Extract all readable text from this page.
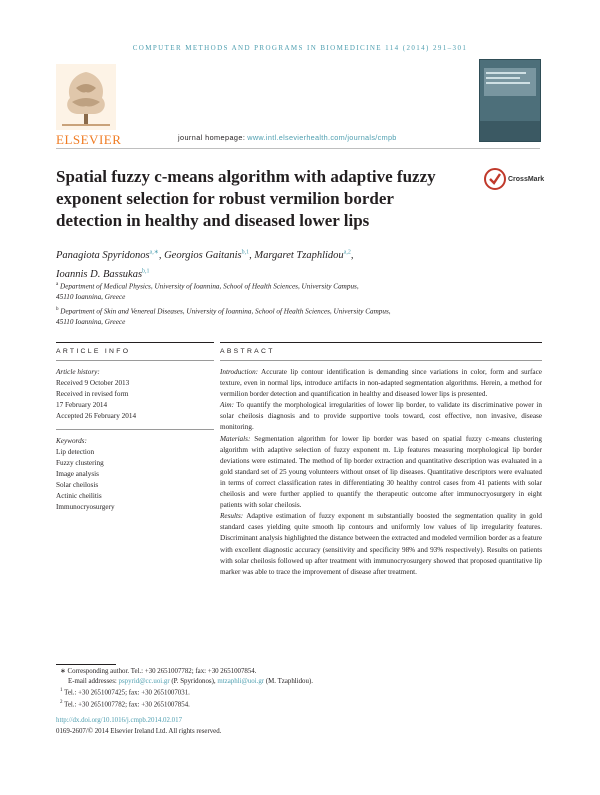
COMPUTER METHODS AND PROGRAMS IN BIOMEDICINE 114 (2014) 291–301
ELSEVIER	journal homepage: www.intl.elsevierhealth.com/journals/cmpb
Spatial fuzzy c-means algorithm with adaptive fuzzy exponent selection for robust vermilion border detection in healthy and diseased lower lips
CrossMark
Panagiota Spyridonos$^{a,∗}$, Georgios Gaitanis$^{b,1}$, Margaret Tzaphlidou$^{a,2}$,
Ioannis D. Bassukas$^{b,1}$
$^a$ Department of Medical Physics, University of Ioannina, School of Health Sciences, University Campus,
45110 Ioannina, Greece
$^b$ Department of Skin and Venereal Diseases, University of Ioannina, School of Health Sciences, University Campus,
45110 Ioannina, Greece
ARTICLE INFO	ABSTRACT
Article history:
Received 9 October 2013
Received in revised form
17 February 2014
Accepted 26 February 2014
Keywords:
Lip detection
Fuzzy clustering
Image analysis
Solar cheilosis
Actinic cheilitis
Immunocryosurgery

Introduction: Accurate lip contour identification is demanding since variations in color, form and surface texture, even in normal lips, introduce artifacts in non-adapted segmentation algorithms. Herein, a method for vermilion border detection and quantification in healthy and diseased lower lips is presented.

Aim: To quantify the morphological irregularities of lower lip border, to validate its discriminative power in solar cheilosis diagnosis and to provide supportive tools toward, cost effective, non invasive, disease monitoring.

Materials: Segmentation algorithm for lower lip border was based on spatial fuzzy c-means clustering algorithm with adaptive selection of fuzzy exponent m. Lip features measuring morphological lip border deviations were estimated. The method of lip border extraction and quantitative description was evaluated in a gold standard set of 25 young volunteers without onset of lip diseases. Quantitative descriptors were evaluated in terms of correct classification rates in differentiating 30 healthy control cases from 41 patients with solar cheilosis and were further applied to quantify the therapeutic outcome after immunocryosurgery in eight patients with solar cheilosis.

Results: Adaptive estimation of fuzzy exponent m substantially boosted the segmentation quality in gold standard cases yielding quite smooth lip contours and uniformly low values of lip irregularity features. Discriminant analysis highlighted the distance between the extracted and modeled vermilion border as a feature with excellent diagnostic accuracy (sensitivity and specificity 98% and 93% respectively). Results on patients with solar cheilosis followed up after treatment with immunocryosurgery showed that proposed quantitative lip marker was able to trace the improvement of disease after treatment.

∗ Corresponding author. Tel.: +30 2651007782; fax: +30 2651007854.
E-mail addresses: pspyrid@cc.uoi.gr (P. Spyridonos), mtzaphli@uoi.gr (M. Tzaphlidou).
$^1$ Tel.: +30 2651007425; fax: +30 2651007031.
$^2$ Tel.: +30 2651007782; fax: +30 2651007854.
http://dx.doi.org/10.1016/j.cmpb.2014.02.017
0169-2607/© 2014 Elsevier Ireland Ltd. All rights reserved.
